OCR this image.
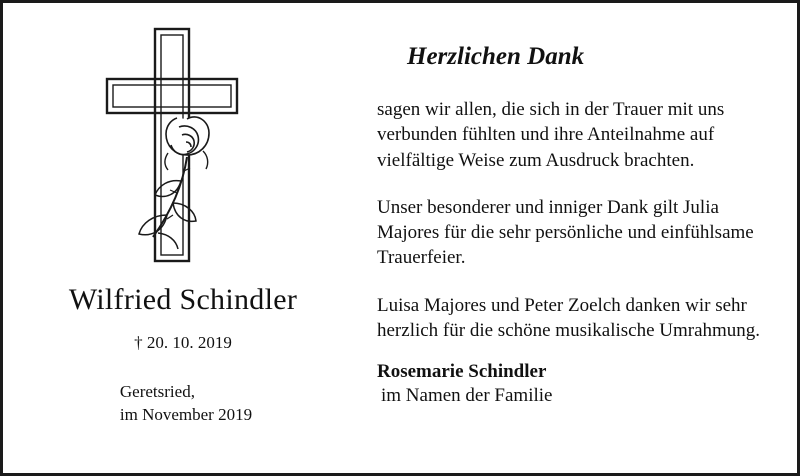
Wilfried Schindler
† 20. 10. 2019
Geretsried,
im November 2019
Herzlichen Dank

sagen wir allen, die sich in der Trauer mit uns verbunden fühlten und ihre Anteilnahme auf vielfältige Weise zum Ausdruck brachten.

Unser besonderer und inniger Dank gilt Julia Majores für die sehr persönliche und einfühlsame Trauerfeier.

Luisa Majores und Peter Zoelch danken wir sehr herzlich für die schöne musikalische Umrahmung.

Rosemarie Schindler
im Namen der Familie
